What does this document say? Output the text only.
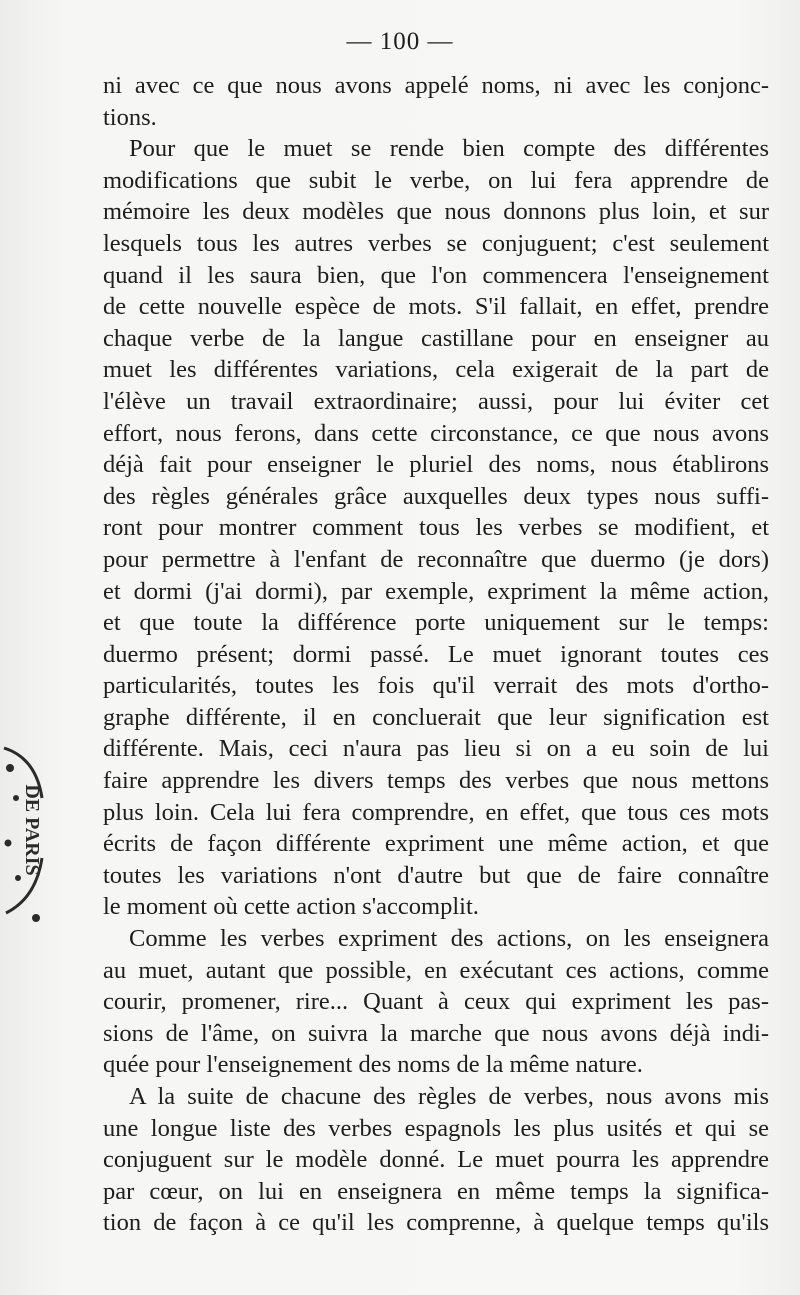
— 100 —
ni avec ce que nous avons appelé noms, ni avec les conjonc-
tions.
Pour que le muet se rende bien compte des différentes
modifications que subit le verbe, on lui fera apprendre de
mémoire les deux modèles que nous donnons plus loin, et sur
lesquels tous les autres verbes se conjuguent; c'est seulement
quand il les saura bien, que l'on commencera l'enseignement
de cette nouvelle espèce de mots. S'il fallait, en effet, prendre
chaque verbe de la langue castillane pour en enseigner au
muet les différentes variations, cela exigerait de la part de
l'élève un travail extraordinaire; aussi, pour lui éviter cet
effort, nous ferons, dans cette circonstance, ce que nous avons
déjà fait pour enseigner le pluriel des noms, nous établirons
des règles générales grâce auxquelles deux types nous suffi-
ront pour montrer comment tous les verbes se modifient, et
pour permettre à l'enfant de reconnaître que duermo (je dors)
et dormi (j'ai dormi), par exemple, expriment la même action,
et que toute la différence porte uniquement sur le temps:
duermo présent; dormi passé. Le muet ignorant toutes ces
particularités, toutes les fois qu'il verrait des mots d'ortho-
graphe différente, il en concluerait que leur signification est
différente. Mais, ceci n'aura pas lieu si on a eu soin de lui
faire apprendre les divers temps des verbes que nous mettons
plus loin. Cela lui fera comprendre, en effet, que tous ces mots
écrits de façon différente expriment une même action, et que
toutes les variations n'ont d'autre but que de faire connaître
le moment où cette action s'accomplit.
Comme les verbes expriment des actions, on les enseignera
au muet, autant que possible, en exécutant ces actions, comme
courir, promener, rire... Quant à ceux qui expriment les pas-
sions de l'âme, on suivra la marche que nous avons déjà indi-
quée pour l'enseignement des noms de la même nature.
A la suite de chacune des règles de verbes, nous avons mis
une longue liste des verbes espagnols les plus usités et qui se
conjuguent sur le modèle donné. Le muet pourra les apprendre
par cœur, on lui en enseignera en même temps la significa-
tion de façon à ce qu'il les comprenne, à quelque temps qu'ils
DE PARIS
